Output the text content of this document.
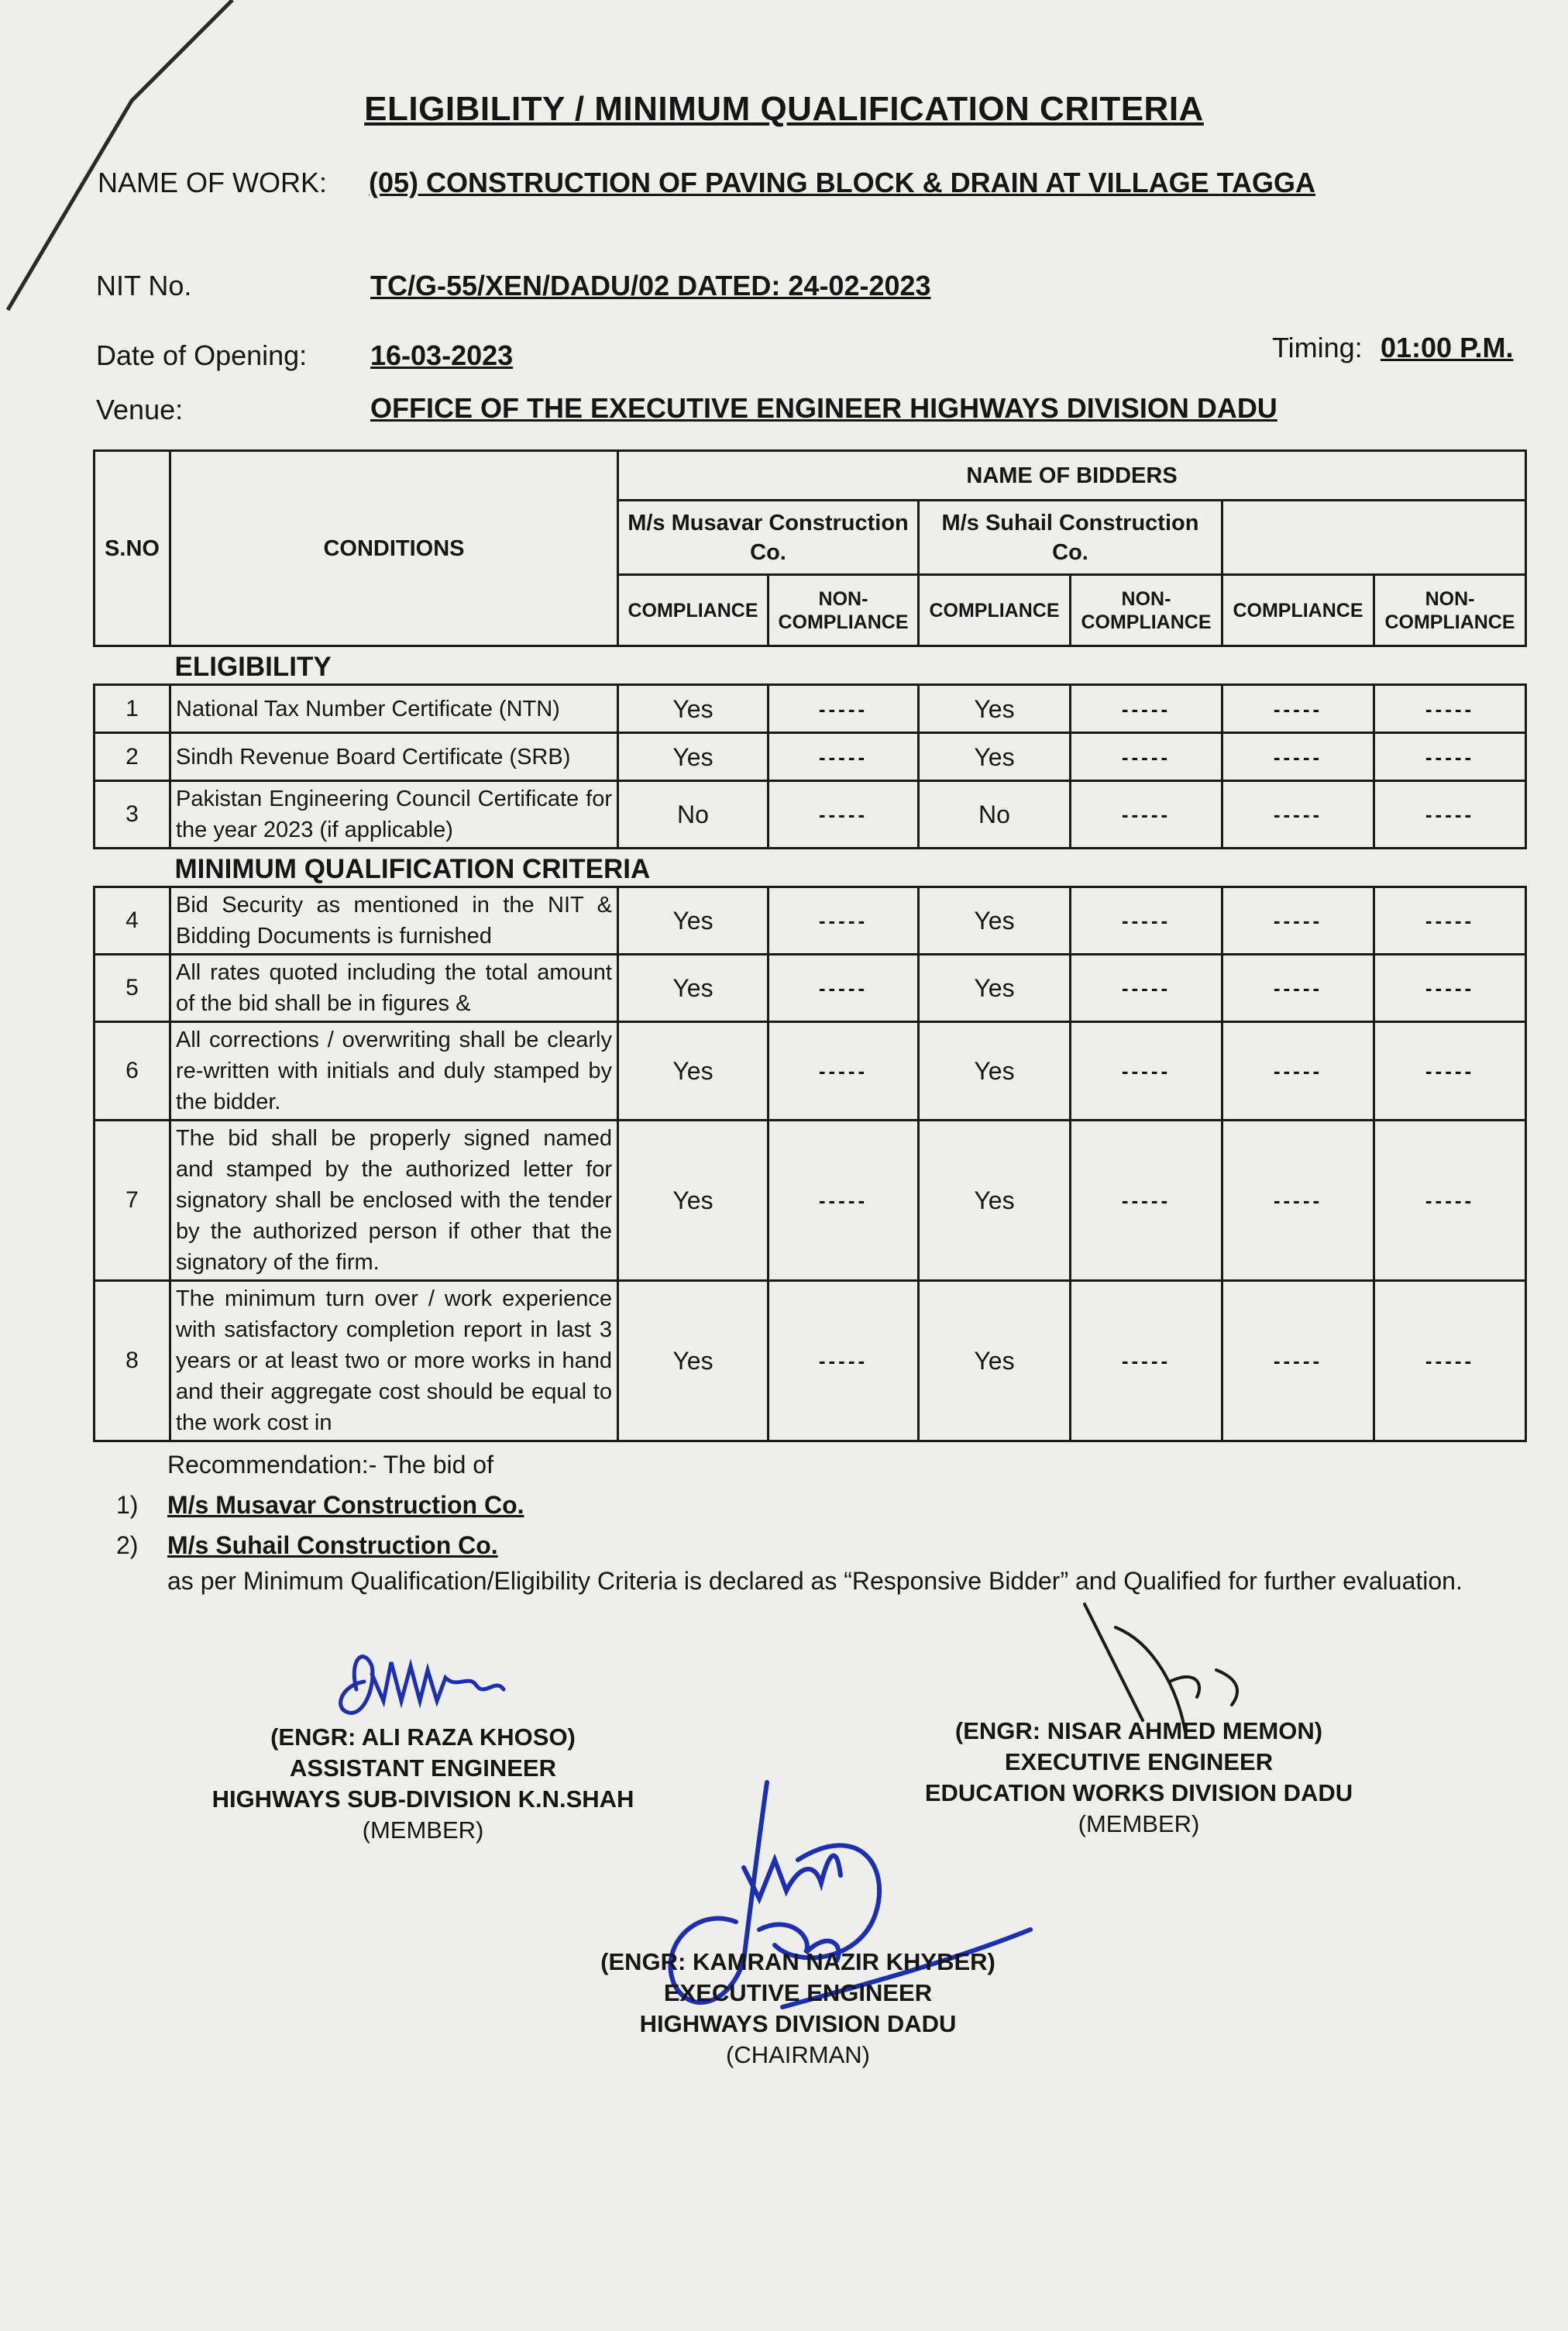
ELIGIBILITY / MINIMUM QUALIFICATION CRITERIA
NAME OF WORK: (05) CONSTRUCTION OF PAVING BLOCK & DRAIN AT VILLAGE TAGGA
NIT No.	TC/G-55/XEN/DADU/02 DATED: 24-02-2023
Date of Opening: 16-03-2023	Timing: 01:00 P.M.
Venue:	OFFICE OF THE EXECUTIVE ENGINEER HIGHWAYS DIVISION DADU
S.NO	CONDITIONS	NAME OF BIDDERS					
		M/s Musavar Construction Co.		M/s Suhail Construction Co.			
		COMPLIANCE	NON-COMPLIANCE	COMPLIANCE	NON-COMPLIANCE	COMPLIANCE	NON-COMPLIANCE
	ELIGIBILITY						
1	National Tax Number Certificate (NTN)	Yes	-----	Yes	-----	-----	-----
2	Sindh Revenue Board Certificate (SRB)	Yes	-----	Yes	-----	-----	-----
3	Pakistan Engineering Council Certificate for the year 2023 (if applicable)	No	-----	No	-----	-----	-----
	MINIMUM QUALIFICATION CRITERIA						
4	Bid Security as mentioned in the NIT & Bidding Documents is furnished	Yes	-----	Yes	-----	-----	-----
5	All rates quoted including the total amount of the bid shall be in figures &	Yes	-----	Yes	-----	-----	-----
6	All corrections / overwriting shall be clearly re-written with initials and duly stamped by the bidder.	Yes	-----	Yes	-----	-----	-----
7	The bid shall be properly signed named and stamped by the authorized letter for signatory shall be enclosed with the tender by the authorized person if other that the signatory of the firm.	Yes	-----	Yes	-----	-----	-----
8	The minimum turn over / work experience with satisfactory completion report in last 3 years or at least two or more works in hand and their aggregate cost should be equal to the work cost in	Yes	-----	Yes	-----	-----	-----
Recommendation:- The bid of
1) M/s Musavar Construction Co.
2) M/s Suhail Construction Co.
as per Minimum Qualification/Eligibility Criteria is declared as “Responsive Bidder” and Qualified for further evaluation.
(ENGR: ALI RAZA KHOSO)
ASSISTANT ENGINEER
HIGHWAYS SUB-DIVISION K.N.SHAH
(MEMBER)
(ENGR: NISAR AHMED MEMON)
EXECUTIVE ENGINEER
EDUCATION WORKS DIVISION DADU
(MEMBER)
(ENGR: KAMRAN NAZIR KHYBER)
EXECUTIVE ENGINEER
HIGHWAYS DIVISION DADU
(CHAIRMAN)
